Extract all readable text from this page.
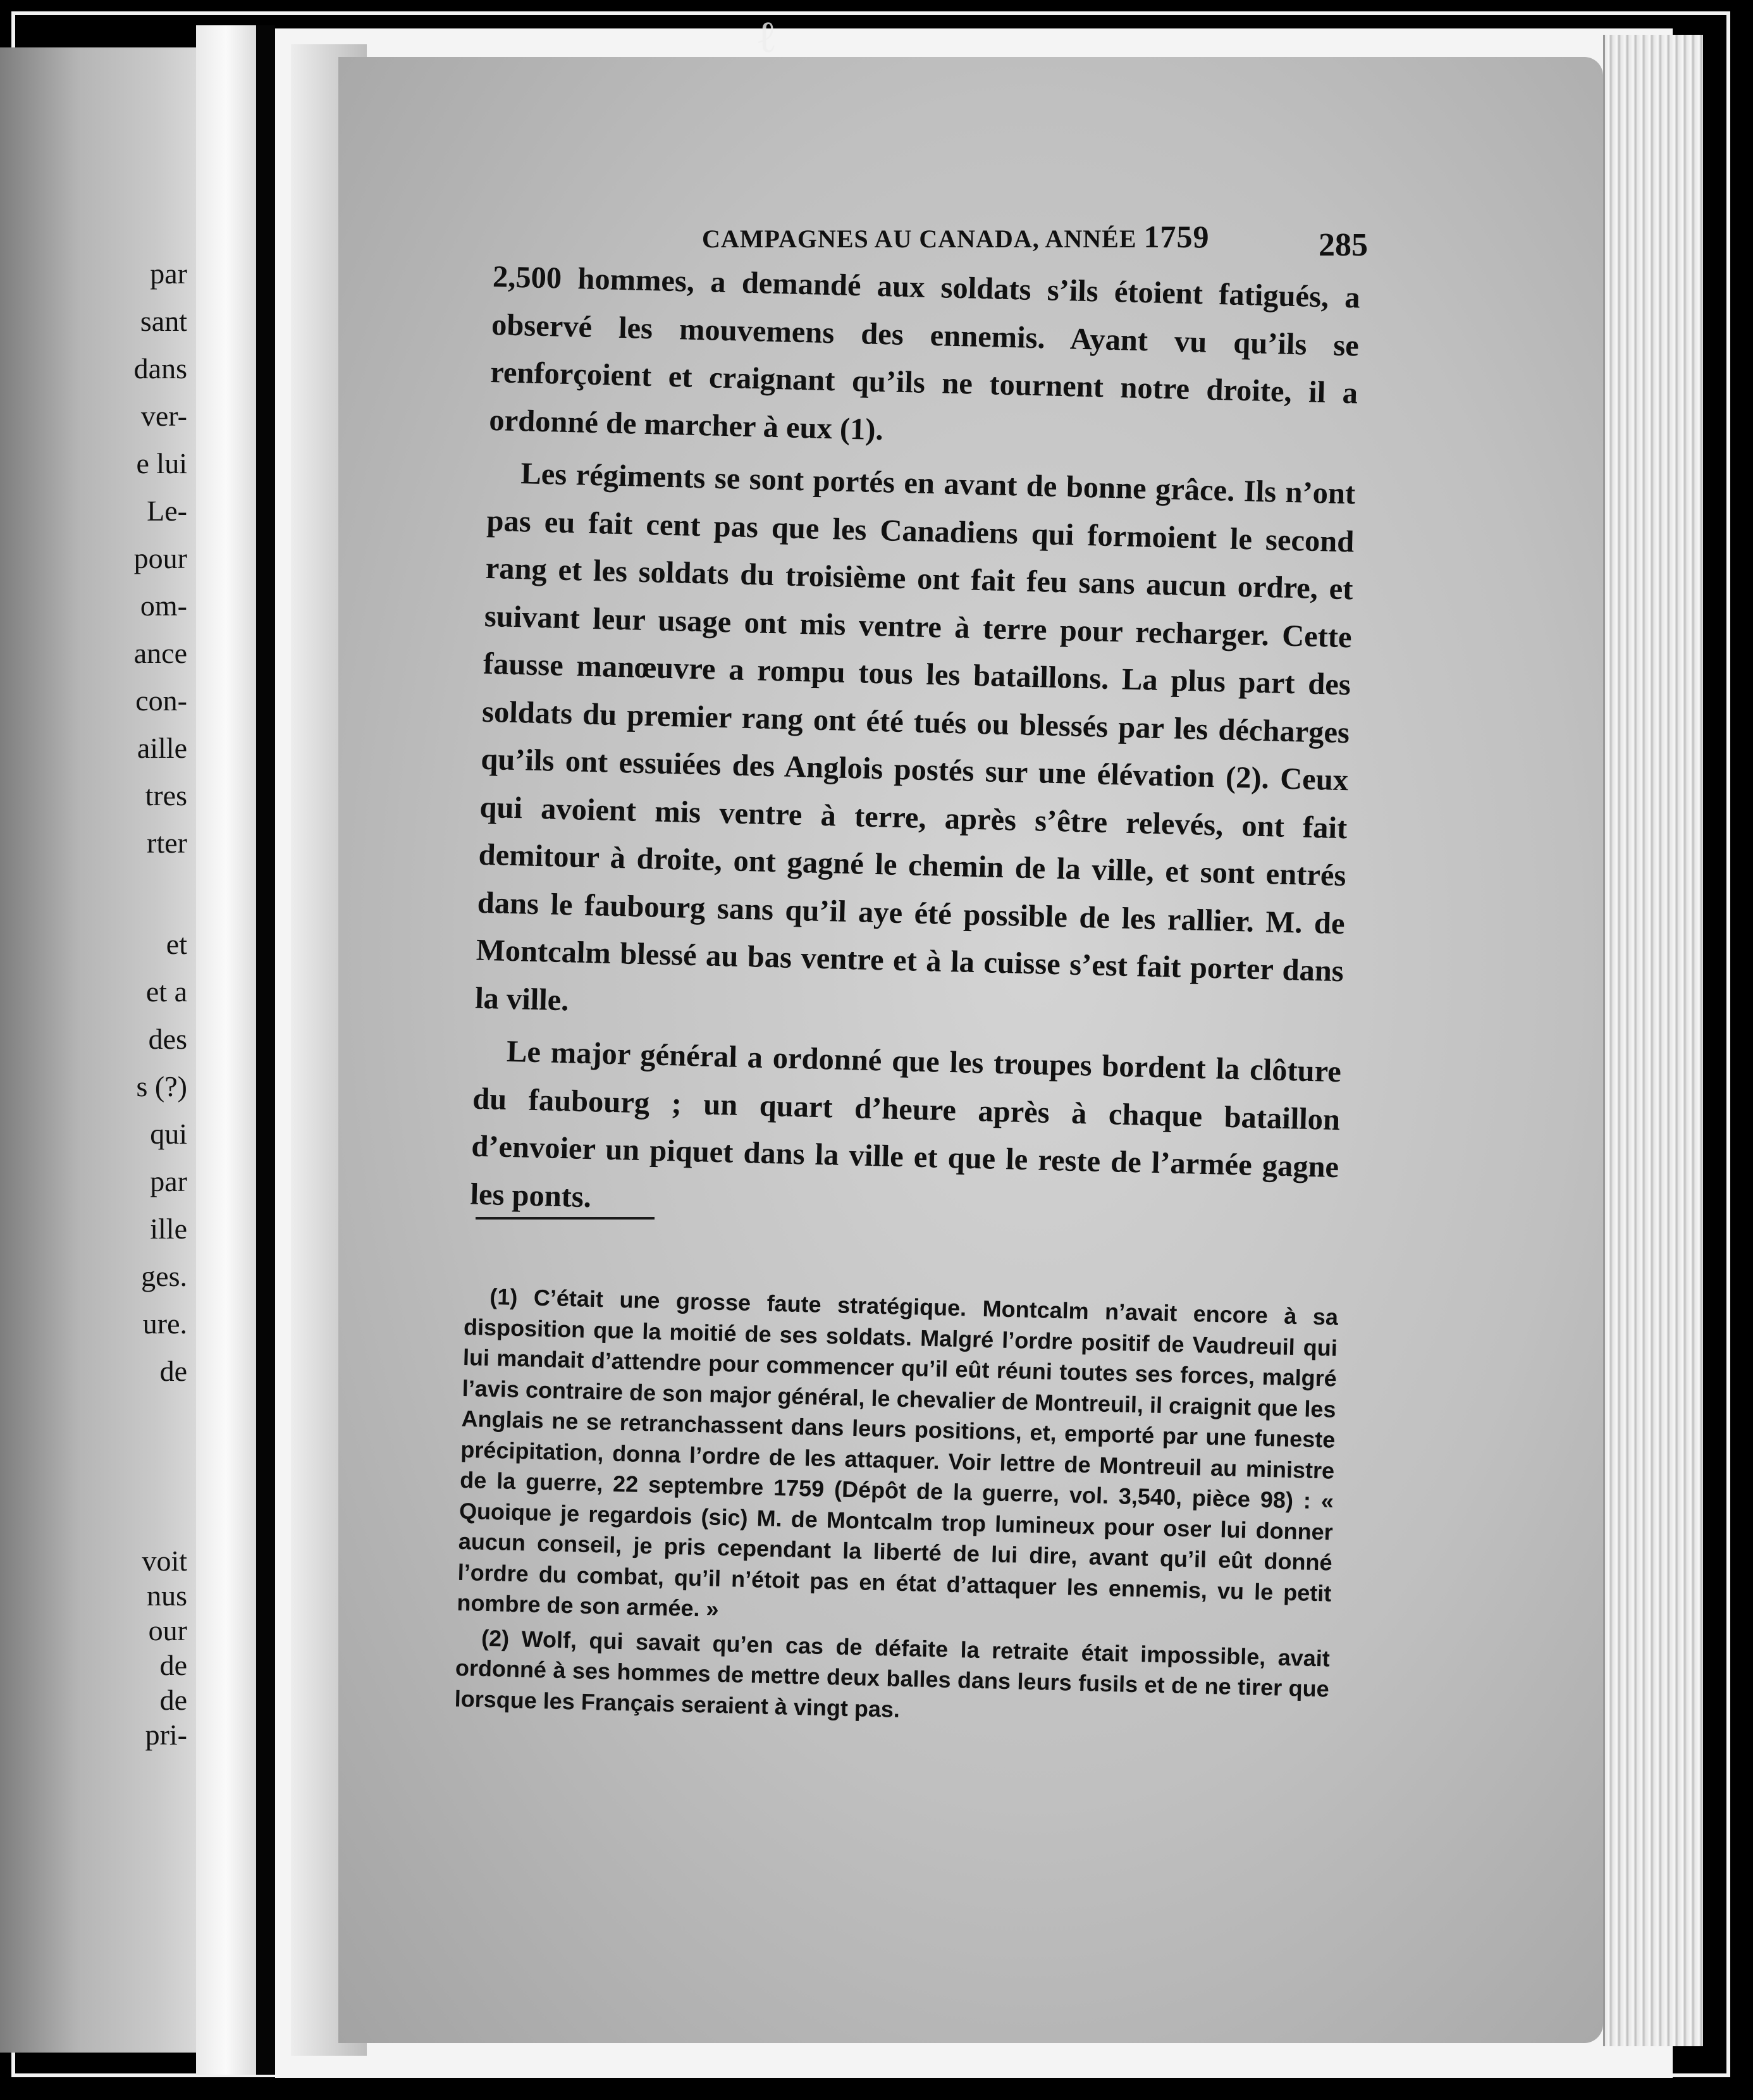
par
sant
dans
ver-
e lui
Le-
pour
om-
ance
con-
aille
tres
rter
et
et a
des
s (?)
qui
par
ille
ges.
ure.
de
voit
nus
our
de
de
pri-
ℓ
CAMPAGNES AU CANADA, ANNÉE 1759	285

2,500 hommes, a demandé aux soldats s’ils étoient fatigués, a observé les mouvemens des ennemis. Ayant vu qu’ils se renforçoient et craignant qu’ils ne tournent notre droite, il a ordonné de marcher à eux (1).

Les régiments se sont portés en avant de bonne grâce. Ils n’ont pas eu fait cent pas que les Canadiens qui formoient le second rang et les soldats du troisième ont fait feu sans aucun ordre, et suivant leur usage ont mis ventre à terre pour recharger. Cette fausse manœuvre a rompu tous les bataillons. La plus part des soldats du premier rang ont été tués ou blessés par les décharges qu’ils ont essuiées des Anglois postés sur une élévation (2). Ceux qui avoient mis ventre à terre, après s’être relevés, ont fait demitour à droite, ont gagné le chemin de la ville, et sont entrés dans le faubourg sans qu’il aye été possible de les rallier. M. de Montcalm blessé au bas ventre et à la cuisse s’est fait porter dans la ville.

Le major général a ordonné que les troupes bordent la clôture du faubourg ; un quart d’heure après à chaque bataillon d’envoier un piquet dans la ville et que le reste de l’armée gagne les ponts.

(1) C’était une grosse faute stratégique. Montcalm n’avait encore à sa disposition que la moitié de ses soldats. Malgré l’ordre positif de Vaudreuil qui lui mandait d’attendre pour commencer qu’il eût réuni toutes ses forces, malgré l’avis contraire de son major général, le chevalier de Montreuil, il craignit que les Anglais ne se retranchassent dans leurs positions, et, emporté par une funeste précipitation, donna l’ordre de les attaquer. Voir lettre de Montreuil au ministre de la guerre, 22 septembre 1759 (Dépôt de la guerre, vol. 3,540, pièce 98) : « Quoique je regardois (sic) M. de Montcalm trop lumineux pour oser lui donner aucun conseil, je pris cependant la liberté de lui dire, avant qu’il eût donné l’ordre du combat, qu’il n’étoit pas en état d’attaquer les ennemis, vu le petit nombre de son armée. »

(2) Wolf, qui savait qu’en cas de défaite la retraite était impossible, avait ordonné à ses hommes de mettre deux balles dans leurs fusils et de ne tirer que lorsque les Français seraient à vingt pas.
